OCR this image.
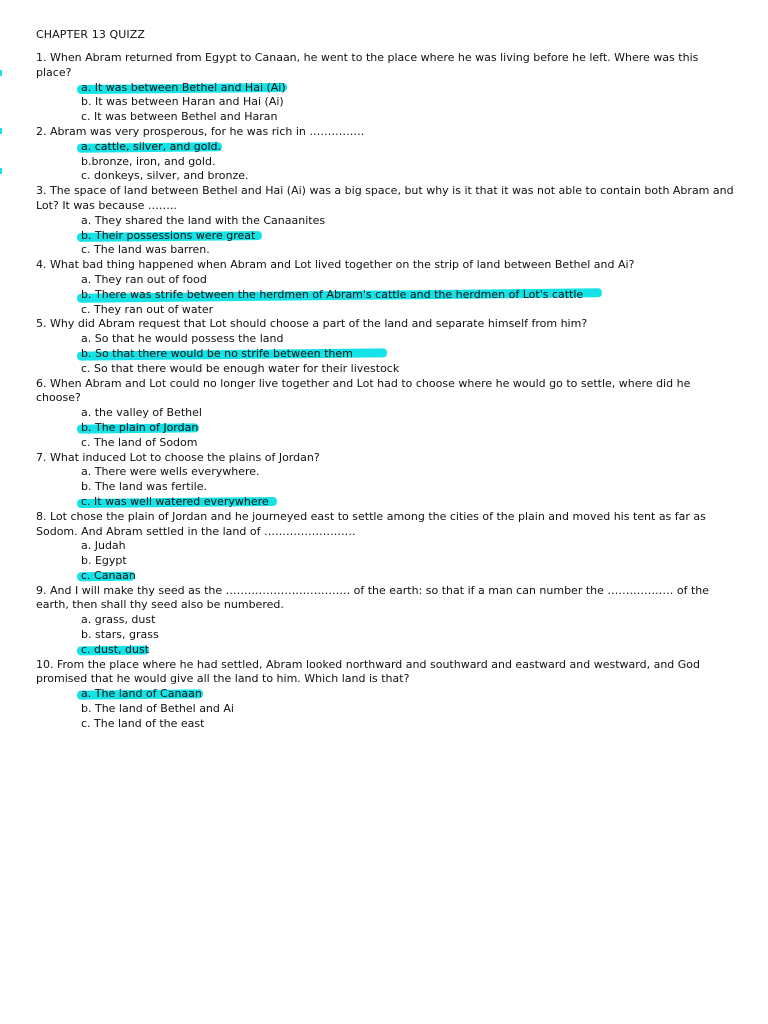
CHAPTER 13 QUIZZ

1. When Abram returned from Egypt to Canaan, he went to the place where he was living before he left. Where was this place?

a. It was between Bethel and Hai (Ai)

b. It was between Haran and Hai (Ai)

c. It was between Bethel and Haran

2. Abram was very prosperous, for he was rich in ……………

a. cattle, silver, and gold.

b.bronze, iron, and gold.

c. donkeys, silver, and bronze.

3. The space of land between Bethel and Hai (Ai) was a big space, but why is it that it was not able to contain both Abram and Lot? It was because ……..

a. They shared the land with the Canaanites

b. Their possessions were great

c. The land was barren.

4. What bad thing happened when Abram and Lot lived together on the strip of land between Bethel and Ai?

a. They ran out of food

b. There was strife between the herdmen of Abram's cattle and the herdmen of Lot's cattle

c. They ran out of water

5. Why did Abram request that Lot should choose a part of the land and separate himself from him?

a. So that he would possess the land

b. So that there would be no strife between them

c. So that there would be enough water for their livestock

6. When Abram and Lot could no longer live together and Lot had to choose where he would go to settle, where did he choose?

a. the valley of Bethel

b. The plain of Jordan

c. The land of Sodom

7. What induced Lot to choose the plains of Jordan?

a. There were wells everywhere.

b. The land was fertile.

c. It was well watered everywhere

8. Lot chose the plain of Jordan and he journeyed east to settle among the cities of the plain and moved his tent as far as Sodom. And Abram settled in the land of …………………….

a. Judah

b. Egypt

c. Canaan

9. And I will make thy seed as the ……………………………. of the earth: so that if a man can number the ……………… of the earth, then shall thy seed also be numbered.

a. grass, dust

b. stars, grass

c. dust, dust

10. From the place where he had settled, Abram looked northward and southward and eastward and westward, and God promised that he would give all the land to him. Which land is that?

a. The land of Canaan

b. The land of Bethel and Ai

c. The land of the east
